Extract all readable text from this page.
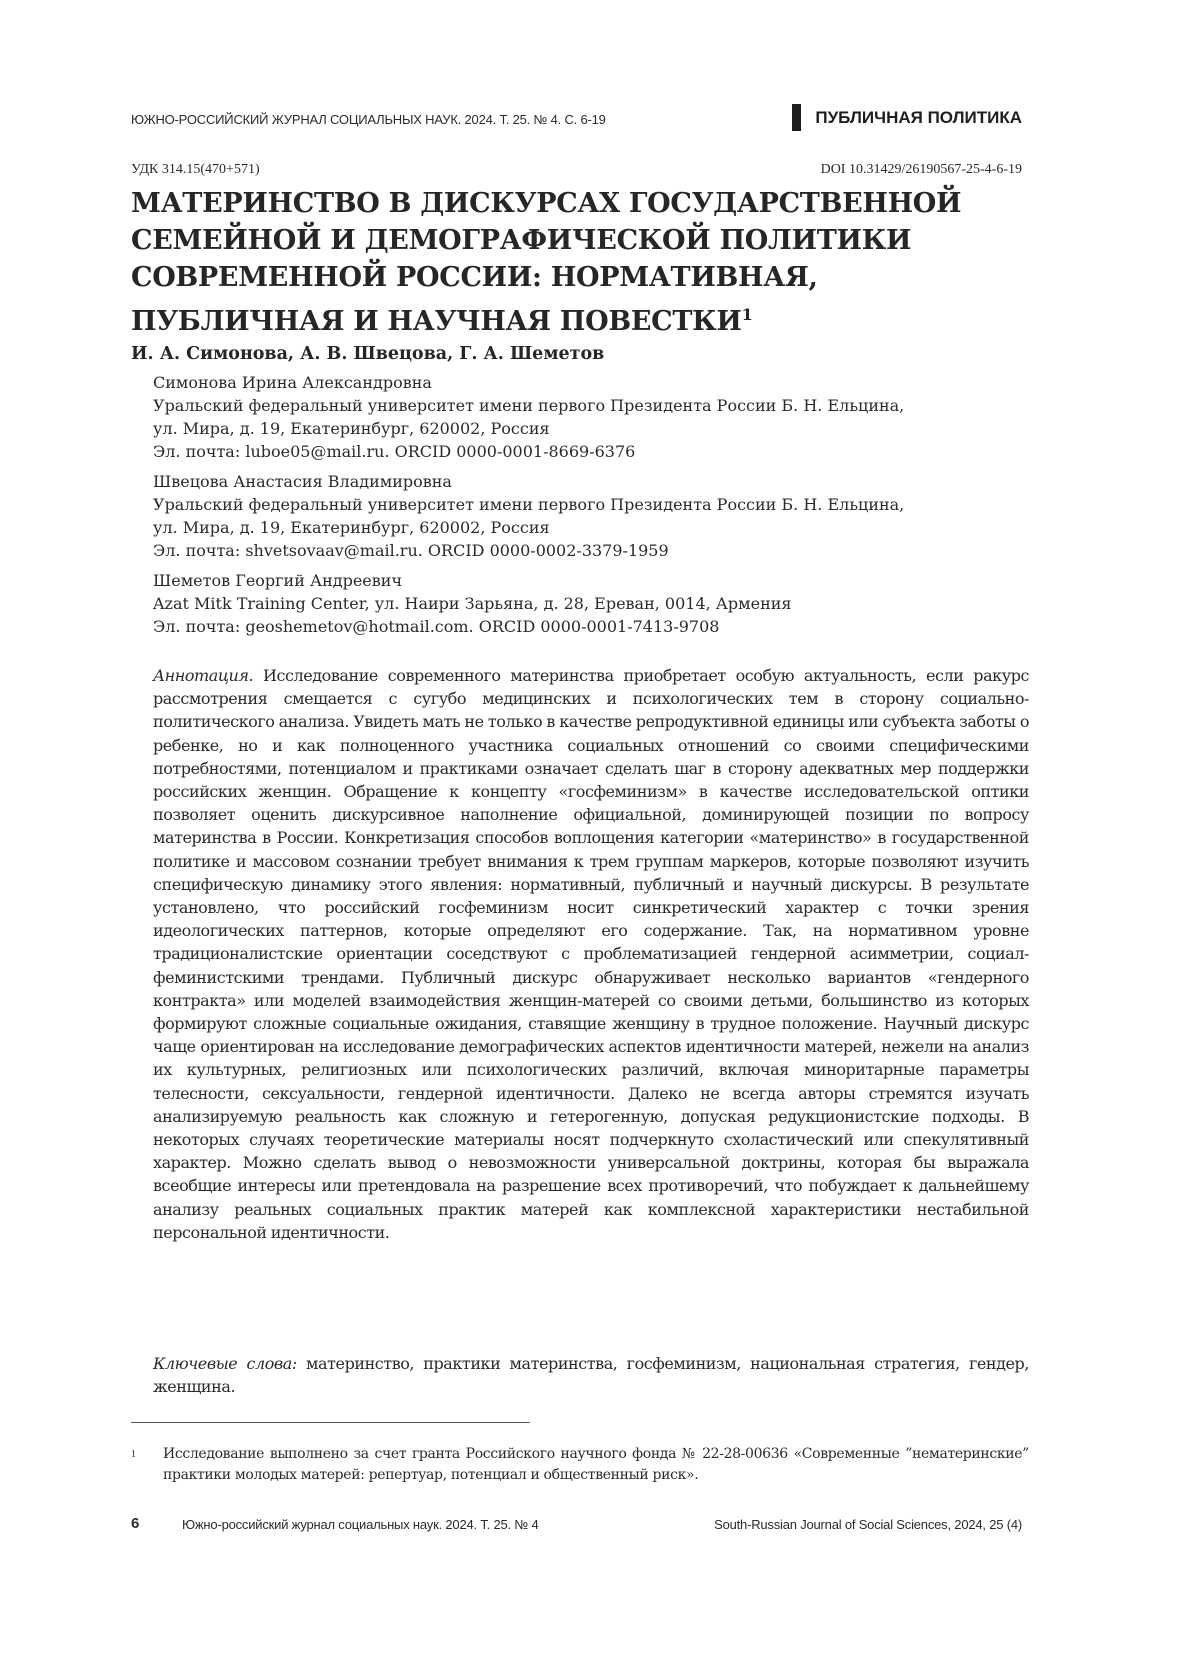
ЮЖНО-РОССИЙСКИЙ ЖУРНАЛ СОЦИАЛЬНЫХ НАУК. 2024. Т. 25. № 4. С. 6-19	ПУБЛИЧНАЯ ПОЛИТИКА
УДК 314.15(470+571)	DOI 10.31429/26190567-25-4-6-19
МАТЕРИНСТВО В ДИСКУРСАХ ГОСУДАРСТВЕННОЙ
СЕМЕЙНОЙ И ДЕМОГРАФИЧЕСКОЙ ПОЛИТИКИ
СОВРЕМЕННОЙ РОССИИ: НОРМАТИВНАЯ,
ПУБЛИЧНАЯ И НАУЧНАЯ ПОВЕСТКИ$^1$
И. А. Симонова, А. В. Швецова, Г. А. Шеметов
Симонова Ирина Александровна
Уральский федеральный университет имени первого Президента России Б. Н. Ельцина,
ул. Мира, д. 19, Екатеринбург, 620002, Россия
Эл. почта: luboe05@mail.ru. ORCID 0000-0001-8669-6376
Швецова Анастасия Владимировна
Уральский федеральный университет имени первого Президента России Б. Н. Ельцина,
ул. Мира, д. 19, Екатеринбург, 620002, Россия
Эл. почта: shvetsovaav@mail.ru. ORCID 0000-0002-3379-1959
Шеметов Георгий Андреевич
Azat Mitk Training Center, ул. Наири Зарьяна, д. 28, Ереван, 0014, Армения
Эл. почта: geoshemetov@hotmail.com. ORCID 0000-0001-7413-9708

Аннотация. Исследование современного материнства приобретает особую актуальность, если ракурс рассмотрения смещается с сугубо медицинских и психологических тем в сторону социально-политического анализа. Увидеть мать не только в качестве репродуктивной единицы или субъекта заботы о ребенке, но и как полноценного участника социальных отношений со своими специфическими потребностями, потенциалом и практиками означает сделать шаг в сторону адекватных мер поддержки российских женщин. Обращение к концепту «госфеминизм» в качестве исследовательской оптики позволяет оценить дискурсивное наполнение официальной, доминирующей позиции по вопросу материнства в России. Конкретизация способов воплощения категории «материнство» в государственной политике и массовом сознании требует внимания к трем группам маркеров, которые позволяют изучить специфическую динамику этого явления: нормативный, публичный и научный дискурсы. В результате установлено, что российский госфеминизм носит синкретический характер с точки зрения идеологических паттернов, которые определяют его содержание. Так, на нормативном уровне традиционалистские ориентации соседствуют с проблематизацией гендерной асимметрии, социал-феминистскими трендами. Публичный дискурс обнаруживает несколько вариантов «гендерного контракта» или моделей взаимодействия женщин-матерей со своими детьми, большинство из которых формируют сложные социальные ожидания, ставящие женщину в трудное положение. Научный дискурс чаще ориентирован на исследование демографических аспектов идентичности матерей, нежели на анализ их культурных, религиозных или психологических различий, включая миноритарные параметры телесности, сексуальности, гендерной идентичности. Далеко не всегда авторы стремятся изучать анализируемую реальность как сложную и гетерогенную, допуская редукционистские подходы. В некоторых случаях теоретические материалы носят подчеркнуто схоластический или спекулятивный характер. Можно сделать вывод о невозможности универсальной доктрины, которая бы выражала всеобщие интересы или претендовала на разрешение всех противоречий, что побуждает к дальнейшему анализу реальных социальных практик матерей как комплексной характеристики нестабильной персональной идентичности.

Ключевые слова: материнство, практики материнства, госфеминизм, национальная стратегия, гендер, женщина.

1 Исследование выполнено за счет гранта Российского научного фонда № 22-28-00636 «Современные ”нематеринские” практики молодых матерей: репертуар, потенциал и общественный риск».

6	Южно-российский журнал социальных наук. 2024. Т. 25. № 4	South-Russian Journal of Social Sciences, 2024, 25 (4)
